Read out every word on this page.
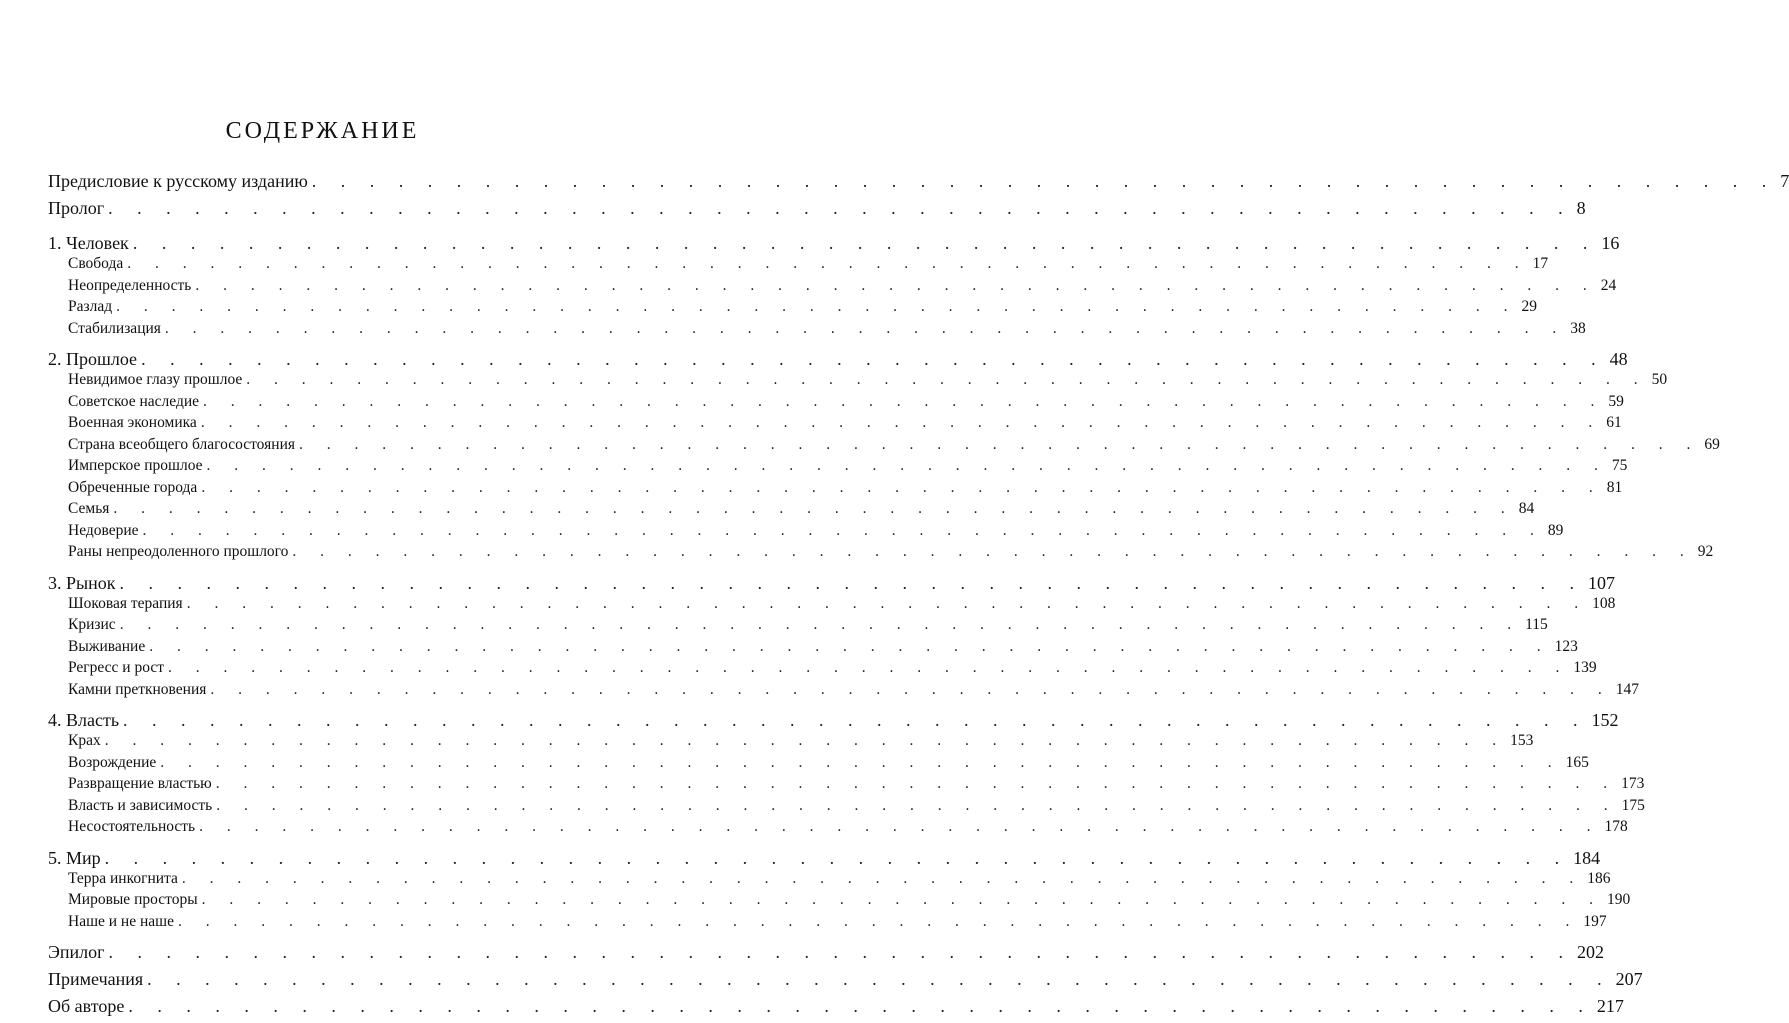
СОДЕРЖАНИЕ
Предисловие к русскому изданию . . . . . . . . . . . . . . . . . . . . . . . . . . . . . . . . . . . . . . . . . . . . . . . . . . . 7
Пролог . . . . . . . . . . . . . . . . . . . . . . . . . . . . . . . . . . . . . . . . . . . . . . . . . . . 8
1. Человек . . . . . . . . . . . . . . . . . . . . . . . . . . . . . . . . . . . . . . . . . . . . . . . . . . . 16
Свобода . . . . . . . . . . . . . . . . . . . . . . . . . . . . . . . . . . . . . . . . . . . . . . . . . . . 17
Неопределенность . . . . . . . . . . . . . . . . . . . . . . . . . . . . . . . . . . . . . . . . . . . . . . . . . . . 24
Разлад . . . . . . . . . . . . . . . . . . . . . . . . . . . . . . . . . . . . . . . . . . . . . . . . . . . 29
Стабилизация . . . . . . . . . . . . . . . . . . . . . . . . . . . . . . . . . . . . . . . . . . . . . . . . . . . 38
2. Прошлое . . . . . . . . . . . . . . . . . . . . . . . . . . . . . . . . . . . . . . . . . . . . . . . . . . . 48
Невидимое глазу прошлое . . . . . . . . . . . . . . . . . . . . . . . . . . . . . . . . . . . . . . . . . . . . . . . . . . . 50
Советское наследие . . . . . . . . . . . . . . . . . . . . . . . . . . . . . . . . . . . . . . . . . . . . . . . . . . . 59
Военная экономика . . . . . . . . . . . . . . . . . . . . . . . . . . . . . . . . . . . . . . . . . . . . . . . . . . . 61
Страна всеобщего благосостояния . . . . . . . . . . . . . . . . . . . . . . . . . . . . . . . . . . . . . . . . . . . . . . . . . . . 69
Имперское прошлое . . . . . . . . . . . . . . . . . . . . . . . . . . . . . . . . . . . . . . . . . . . . . . . . . . . 75
Обреченные города . . . . . . . . . . . . . . . . . . . . . . . . . . . . . . . . . . . . . . . . . . . . . . . . . . . 81
Семья . . . . . . . . . . . . . . . . . . . . . . . . . . . . . . . . . . . . . . . . . . . . . . . . . . . 84
Недоверие . . . . . . . . . . . . . . . . . . . . . . . . . . . . . . . . . . . . . . . . . . . . . . . . . . . 89
Раны непреодоленного прошлого . . . . . . . . . . . . . . . . . . . . . . . . . . . . . . . . . . . . . . . . . . . . . . . . . . . 92
3. Рынок . . . . . . . . . . . . . . . . . . . . . . . . . . . . . . . . . . . . . . . . . . . . . . . . . . . 107
Шоковая терапия . . . . . . . . . . . . . . . . . . . . . . . . . . . . . . . . . . . . . . . . . . . . . . . . . . . 108
Кризис . . . . . . . . . . . . . . . . . . . . . . . . . . . . . . . . . . . . . . . . . . . . . . . . . . . 115
Выживание . . . . . . . . . . . . . . . . . . . . . . . . . . . . . . . . . . . . . . . . . . . . . . . . . . . 123
Регресс и рост . . . . . . . . . . . . . . . . . . . . . . . . . . . . . . . . . . . . . . . . . . . . . . . . . . . 139
Камни преткновения . . . . . . . . . . . . . . . . . . . . . . . . . . . . . . . . . . . . . . . . . . . . . . . . . . . 147
4. Власть . . . . . . . . . . . . . . . . . . . . . . . . . . . . . . . . . . . . . . . . . . . . . . . . . . . 152
Крах . . . . . . . . . . . . . . . . . . . . . . . . . . . . . . . . . . . . . . . . . . . . . . . . . . . 153
Возрождение . . . . . . . . . . . . . . . . . . . . . . . . . . . . . . . . . . . . . . . . . . . . . . . . . . . 165
Развращение властью . . . . . . . . . . . . . . . . . . . . . . . . . . . . . . . . . . . . . . . . . . . . . . . . . . . 173
Власть и зависимость . . . . . . . . . . . . . . . . . . . . . . . . . . . . . . . . . . . . . . . . . . . . . . . . . . . 175
Несостоятельность . . . . . . . . . . . . . . . . . . . . . . . . . . . . . . . . . . . . . . . . . . . . . . . . . . . 178
5. Мир . . . . . . . . . . . . . . . . . . . . . . . . . . . . . . . . . . . . . . . . . . . . . . . . . . . 184
Терра инкогнита . . . . . . . . . . . . . . . . . . . . . . . . . . . . . . . . . . . . . . . . . . . . . . . . . . . 186
Мировые просторы . . . . . . . . . . . . . . . . . . . . . . . . . . . . . . . . . . . . . . . . . . . . . . . . . . . 190
Наше и не наше . . . . . . . . . . . . . . . . . . . . . . . . . . . . . . . . . . . . . . . . . . . . . . . . . . . 197
Эпилог . . . . . . . . . . . . . . . . . . . . . . . . . . . . . . . . . . . . . . . . . . . . . . . . . . . 202
Примечания . . . . . . . . . . . . . . . . . . . . . . . . . . . . . . . . . . . . . . . . . . . . . . . . . . . 207
Об авторе . . . . . . . . . . . . . . . . . . . . . . . . . . . . . . . . . . . . . . . . . . . . . . . . . . . 217
